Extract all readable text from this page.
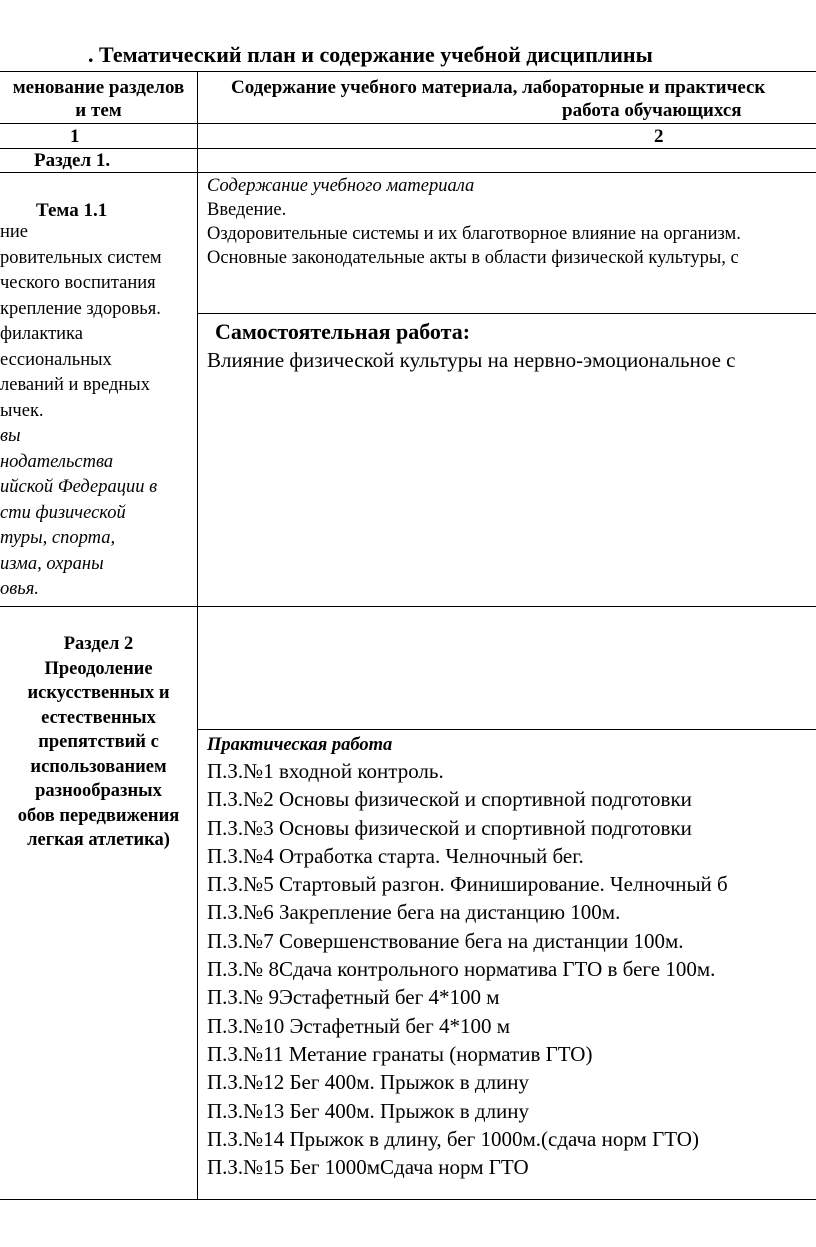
. Тематический план и содержание учебной дисциплины
менование разделов
и тем
Содержание учебного материала, лабораторные и практическ
работа обучающихся
1	2
Раздел 1.
Тема 1.1
ние
ровительных систем
ческого воспитания
крепление здоровья.
филактика
ессиональных
леваний и вредных
ычек.
вы
нодательства
ийской Федерации в
сти физической
туры, спорта,
изма, охраны
овья.
Содержание учебного материала
Введение.
Оздоровительные системы и их благотворное влияние на организм.
Основные законодательные акты в области физической культуры, с
Самостоятельная работа:
Влияние физической культуры на нервно-эмоциональное с
Раздел 2
Преодоление
искусственных и
естественных
препятствий с
использованием
разнообразных
обов передвижения
легкая атлетика)
Практическая работа
П.З.№1 входной контроль.
П.З.№2 Основы физической и спортивной подготовки
П.З.№3 Основы физической и спортивной подготовки
П.З.№4 Отработка старта. Челночный бег.
П.З.№5 Стартовый разгон. Финиширование. Челночный б
П.З.№6 Закрепление бега на дистанцию 100м.
П.З.№7 Совершенствование бега на дистанции 100м.
П.З.№ 8Сдача контрольного норматива ГТО в беге 100м.
П.З.№ 9Эстафетный бег 4*100 м
П.З.№10 Эстафетный бег 4*100 м
П.З.№11 Метание гранаты (норматив ГТО)
П.З.№12 Бег 400м. Прыжок в длину
П.З.№13 Бег 400м. Прыжок в длину
П.З.№14 Прыжок в длину, бег 1000м.(сдача норм ГТО)
П.З.№15 Бег 1000мСдача норм ГТО
